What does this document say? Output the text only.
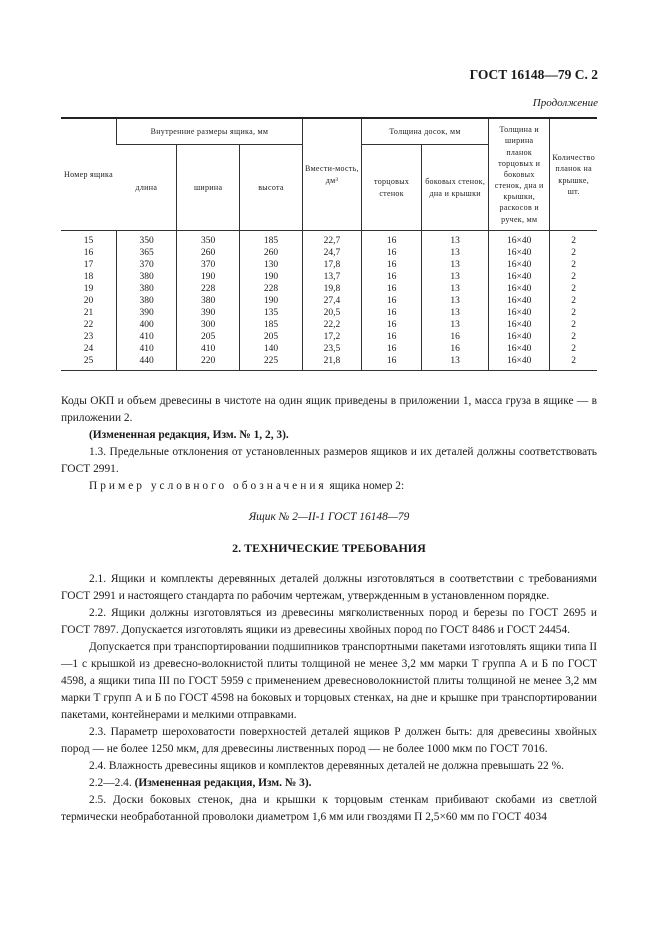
ГОСТ 16148—79 С. 2
Продолжение
Номер ящика	Внутренние размеры ящика, мм			Вмести-мость, дм³	Толщина досок, мм		Толщина и ширина планок торцовых и боковых стенок, дна и крышки, раскосов и ручек, мм	Количество планок на крышке, шт.
	длина	ширина	высота		торцовых стенок	боковых стенок, дна и крышки		
15	350	350	185	22,7	16	13	16×40	2
16	365	260	260	24,7	16	13	16×40	2
17	370	370	130	17,8	16	13	16×40	2
18	380	190	190	13,7	16	13	16×40	2
19	380	228	228	19,8	16	13	16×40	2
20	380	380	190	27,4	16	13	16×40	2
21	390	390	135	20,5	16	13	16×40	2
22	400	300	185	22,2	16	13	16×40	2
23	410	205	205	17,2	16	16	16×40	2
24	410	410	140	23,5	16	16	16×40	2
25	440	220	225	21,8	16	13	16×40	2

Коды ОКП и объем древесины в чистоте на один ящик приведены в приложении 1, масса груза в ящике — в приложении 2.

(Измененная редакция, Изм. № 1, 2, 3).

1.3. Предельные отклонения от установленных размеров ящиков и их деталей должны соответствовать ГОСТ 2991.

Пример условного обозначения ящика номер 2:

Ящик № 2—II-1 ГОСТ 16148—79

2. ТЕХНИЧЕСКИЕ ТРЕБОВАНИЯ

2.1. Ящики и комплекты деревянных деталей должны изготовляться в соответствии с требованиями ГОСТ 2991 и настоящего стандарта по рабочим чертежам, утвержденным в установленном порядке.

2.2. Ящики должны изготовляться из древесины мягколиственных пород и березы по ГОСТ 2695 и ГОСТ 7897. Допускается изготовлять ящики из древесины хвойных пород по ГОСТ 8486 и ГОСТ 24454.

Допускается при транспортировании подшипников транспортными пакетами изготовлять ящики типа II—1 с крышкой из древесно-волокнистой плиты толщиной не менее 3,2 мм марки Т группа А и Б по ГОСТ 4598, а ящики типа III по ГОСТ 5959 с применением древесноволокнистой плиты толщиной не менее 3,2 мм марки Т групп А и Б по ГОСТ 4598 на боковых и торцовых стенках, на дне и крышке при транспортировании пакетами, контейнерами и мелкими отправками.

2.3. Параметр шероховатости поверхностей деталей ящиков Р должен быть: для древесины хвойных пород — не более 1250 мкм, для древесины лиственных пород — не более 1000 мкм по ГОСТ 7016.

2.4. Влажность древесины ящиков и комплектов деревянных деталей не должна превышать 22 %.

2.2—2.4. (Измененная редакция, Изм. № 3).

2.5. Доски боковых стенок, дна и крышки к торцовым стенкам прибивают скобами из светлой термически необработанной проволоки диаметром 1,6 мм или гвоздями П 2,5×60 мм по ГОСТ 4034
